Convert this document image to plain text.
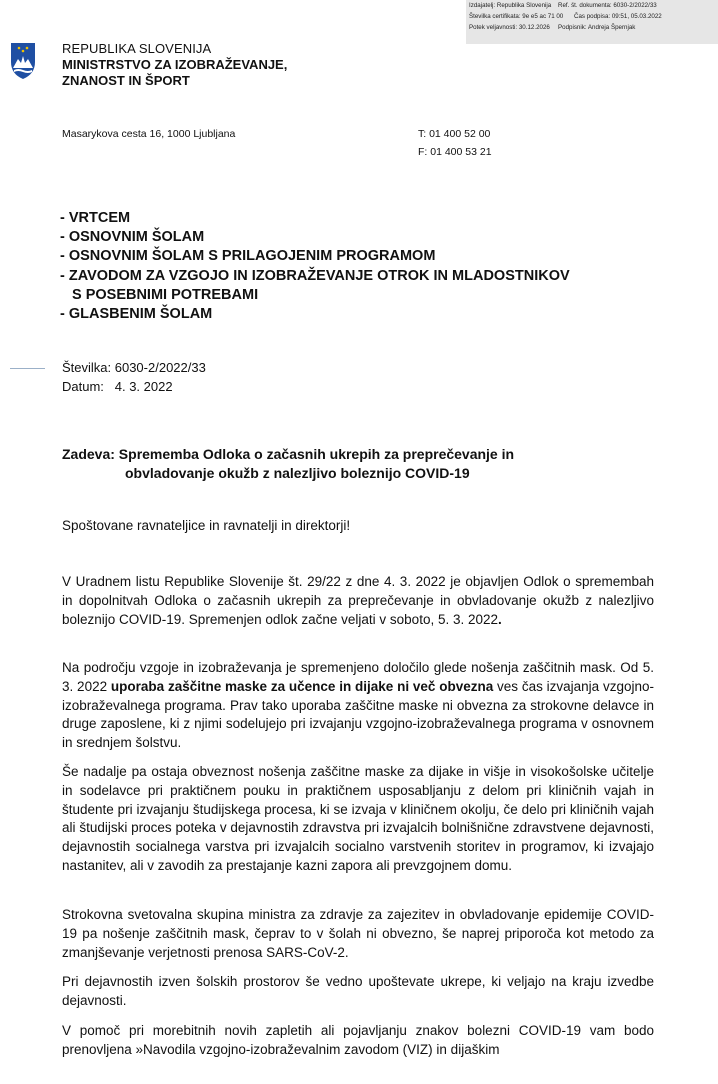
Izdajatelj: Republika Slovenija Ref. št. dokumenta: 6030-2/2022/33
Številka certifikata: 9e e5 ac 71 00 Čas podpisa: 09:51, 05.03.2022
Potek veljavnosti: 30.12.2026 Podpisnik: Andreja Špernjak
REPUBLIKA SLOVENIJA
MINISTRSTVO ZA IZOBRAŽEVANJE,
ZNANOST IN ŠPORT
Masarykova cesta 16, 1000 Ljubljana	T: 01 400 52 00
F: 01 400 53 21
- VRTCEM
- OSNOVNIM ŠOLAM
- OSNOVNIM ŠOLAM S PRILAGOJENIM PROGRAMOM
- ZAVODOM ZA VZGOJO IN IZOBRAŽEVANJE OTROK IN MLADOSTNIKOV
S POSEBNIMI POTREBAMI
- GLASBENIM ŠOLAM
Številka: 6030-2/2022/33
Datum:   4. 3. 2022
Zadeva: Sprememba Odloka o začasnih ukrepih za preprečevanje in
obvladovanje okužb z nalezljivo boleznijo COVID-19
Spoštovane ravnateljice in ravnatelji in direktorji!
V Uradnem listu Republike Slovenije št. 29/22 z dne 4. 3. 2022 je objavljen Odlok o spremembah in dopolnitvah Odloka o začasnih ukrepih za preprečevanje in obvladovanje okužb z nalezljivo boleznijo COVID-19. Spremenjen odlok začne veljati v soboto, 5. 3. 2022.
Na področju vzgoje in izobraževanja je spremenjeno določilo glede nošenja zaščitnih mask. Od 5. 3. 2022 uporaba zaščitne maske za učence in dijake ni več obvezna ves čas izvajanja vzgojno-izobraževalnega programa. Prav tako uporaba zaščitne maske ni obvezna za strokovne delavce in druge zaposlene, ki z njimi sodelujejo pri izvajanju vzgojno-izobraževalnega programa v osnovnem in srednjem šolstvu.
Še nadalje pa ostaja obveznost nošenja zaščitne maske za dijake in višje in visokošolske učitelje in sodelavce pri praktičnem pouku in praktičnem usposabljanju z delom pri kliničnih vajah in študente pri izvajanju študijskega procesa, ki se izvaja v kliničnem okolju, če delo pri kliničnih vajah ali študijski proces poteka v dejavnostih zdravstva pri izvajalcih bolnišnične zdravstvene dejavnosti, dejavnostih socialnega varstva pri izvajalcih socialno varstvenih storitev in programov, ki izvajajo nastanitev, ali v zavodih za prestajanje kazni zapora ali prevzgojnem domu.
Strokovna svetovalna skupina ministra za zdravje za zajezitev in obvladovanje epidemije COVID-19 pa nošenje zaščitnih mask, čeprav to v šolah ni obvezno, še naprej priporoča kot metodo za zmanjševanje verjetnosti prenosa SARS-CoV-2.
Pri dejavnostih izven šolskih prostorov še vedno upoštevate ukrepe, ki veljajo na kraju izvedbe dejavnosti.
V pomoč pri morebitnih novih zapletih ali pojavljanju znakov bolezni COVID-19 vam bodo prenovljena »Navodila vzgojno-izobraževalnim zavodom (VIZ) in dijaškim
